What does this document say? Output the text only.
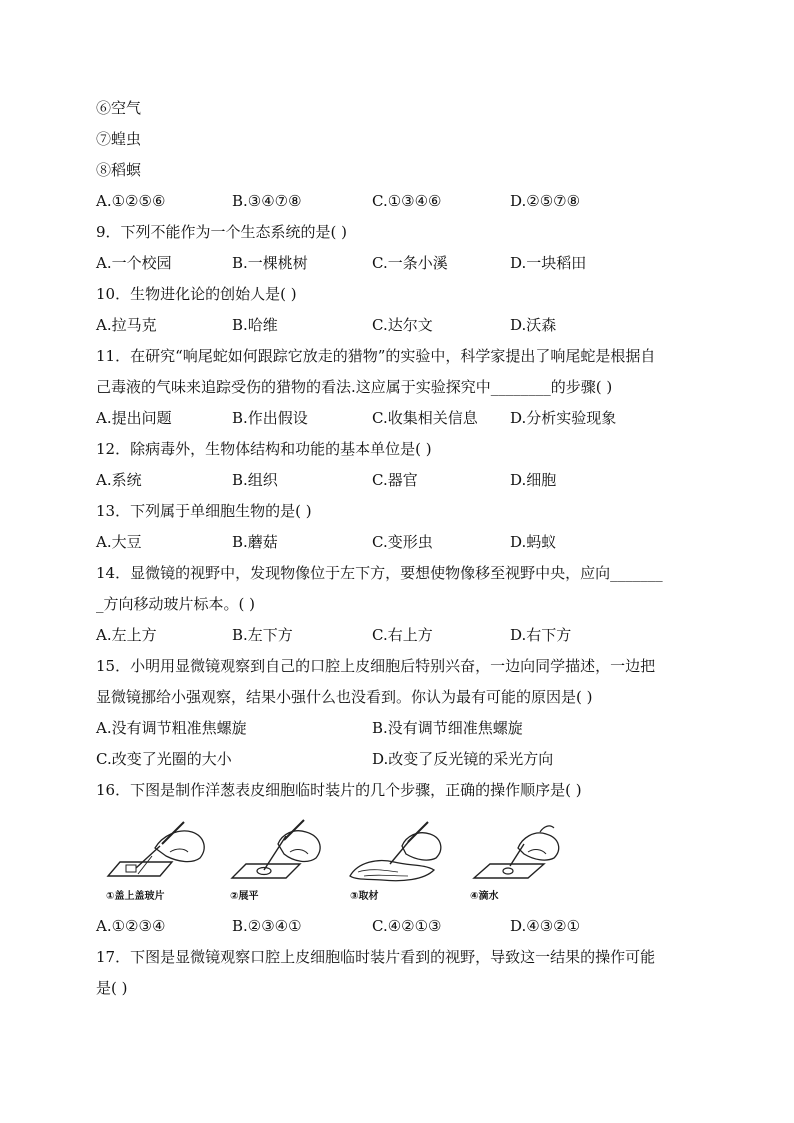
⑥空气
⑦蝗虫
⑧稻螟
A.①②⑤⑥	B.③④⑦⑧	C.①③④⑥	D.②⑤⑦⑧
9．下列不能作为一个生态系统的是( )
A.一个校园	B.一棵桃树	C.一条小溪	D.一块稻田
10．生物进化论的创始人是( )
A.拉马克	B.哈维	C.达尔文	D.沃森
11．在研究“响尾蛇如何跟踪它放走的猎物”的实验中，科学家提出了响尾蛇是根据自
己毒液的气味来追踪受伤的猎物的看法.这应属于实验探究中________的步骤( )
A.提出问题	B.作出假设	C.收集相关信息 D.分析实验现象
12．除病毒外，生物体结构和功能的基本单位是( )
A.系统	B.组织	C.器官	D.细胞
13．下列属于单细胞生物的是( )
A.大豆	B.蘑菇	C.变形虫	D.蚂蚁
14．显微镜的视野中，发现物像位于左下方，要想使物像移至视野中央，应向_______
_方向移动玻片标本。( )
A.左上方	B.左下方	C.右上方	D.右下方
15．小明用显微镜观察到自己的口腔上皮细胞后特别兴奋，一边向同学描述，一边把
显微镜挪给小强观察，结果小强什么也没看到。你认为最有可能的原因是( )
A.没有调节粗准焦螺旋	B.没有调节细准焦螺旋
C.改变了光圈的大小	D.改变了反光镜的采光方向
16．下图是制作洋葱表皮细胞临时装片的几个步骤，正确的操作顺序是( )
①盖上盖玻片	②展平	③取材	④滴水
A.①②③④	B.②③④①	C.④②①③	D.④③②①
17．下图是显微镜观察口腔上皮细胞临时装片看到的视野，导致这一结果的操作可能
是( )
